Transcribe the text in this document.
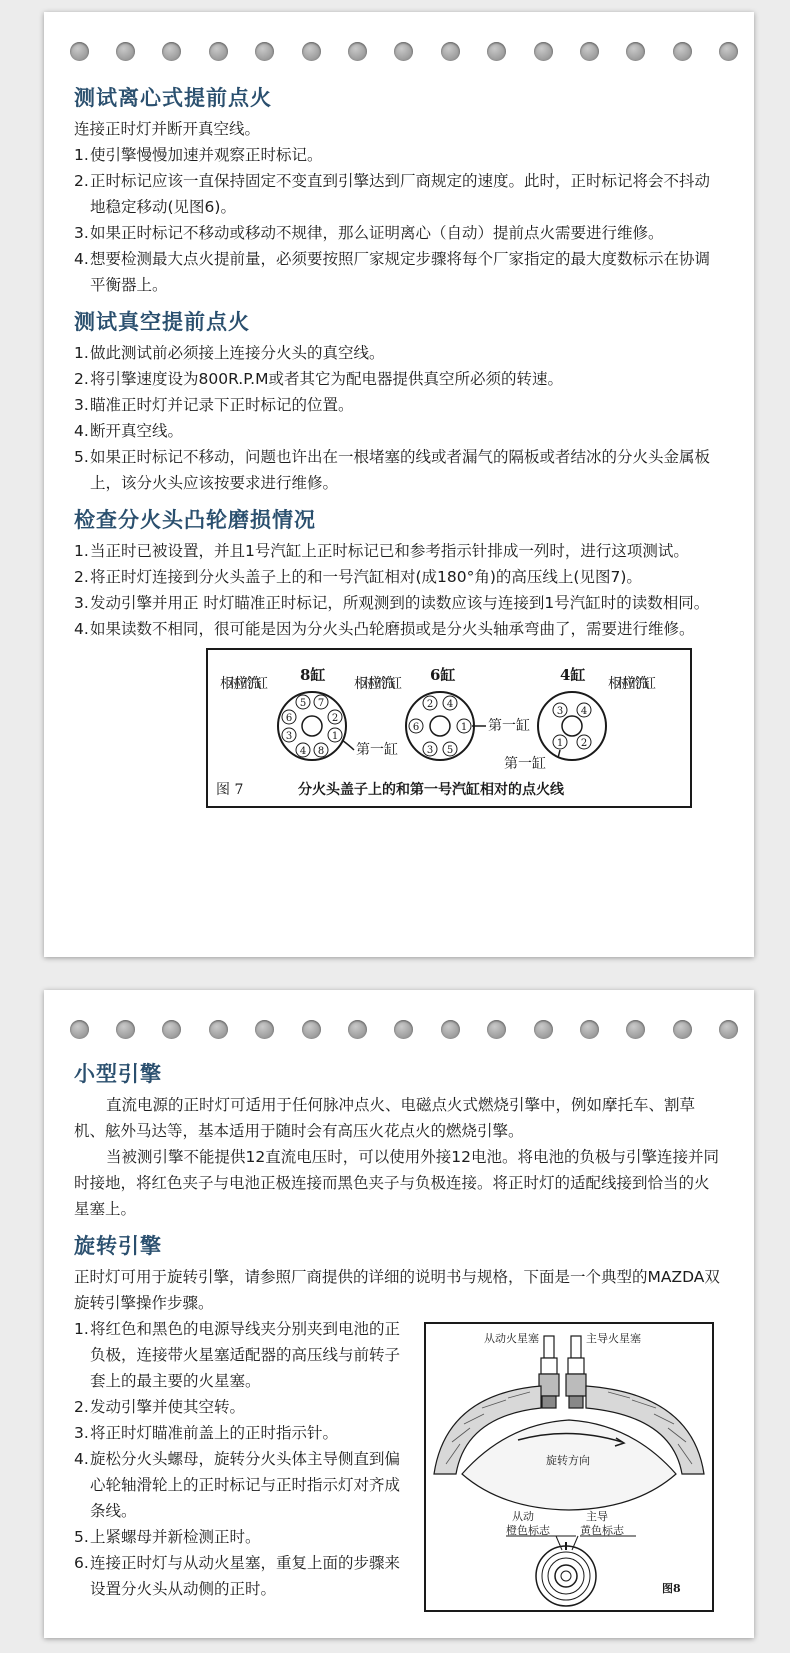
测试离心式提前点火

连接正时灯并断开真空线。

1. 使引擎慢慢加速并观察正时标记。
2. 正时标记应该一直保持固定不变直到引擎达到厂商规定的速度。此时，正时标记将会不抖动地稳定移动(见图6)。
3. 如果正时标记不移动或移动不规律，那么证明离心（自动）提前点火需要进行维修。
4. 想要检测最大点火提前量，必须要按照厂家规定步骤将每个厂家指定的最大度数标示在协调平衡器上。
测试真空提前点火
1. 做此测试前必须接上连接分火头的真空线。
2. 将引擎速度设为800R.P.M或者其它为配电器提供真空所必须的转速。
3. 瞄准正时灯并记录下正时标记的位置。
4. 断开真空线。
5. 如果正时标记不移动，问题也许出在一根堵塞的线或者漏气的隔板或者结冰的分火头金属板上，该分火头应该按要求进行维修。
检查分火头凸轮磨损情况
1. 当正时已被设置，并且1号汽缸上正时标记已和参考指示针排成一列时，进行这项测试。
2. 将正时灯连接到分火头盖子上的和一号汽缸相对(成180°角)的高压线上(见图7)。
3. 发动引擎并用正 时灯瞄准正时标记，所观测到的读数应该与连接到1号汽缸时的读数相同。
4. 如果读数不相同，很可能是因为分火头凸轮磨损或是分火头轴承弯曲了，需要进行维修。
相对应的汽缸 8缸
5 7
2
6
3
4 8
1
第一缸
相对应的汽缸 6缸
2 4
1
5
3
6	第一缸
相对应的汽缸
4缸
3 4
1 2
第一缸
图 7	分火头盖子上的和第一号汽缸相对的点火线
小型引擎

直流电源的正时灯可适用于任何脉冲点火、电磁点火式燃烧引擎中，例如摩托车、割草机、舷外马达等，基本适用于随时会有高压火花点火的燃烧引擎。

当被测引擎不能提供12直流电压时，可以使用外接12电池。将电池的负极与引擎连接并同时接地，将红色夹子与电池正极连接而黑色夹子与负极连接。将正时灯的适配线接到恰当的火星塞上。

旋转引擎

正时灯可用于旋转引擎，请参照厂商提供的详细的说明书与规格，下面是一个典型的MAZDA双旋转引擎操作步骤。

1. 将红色和黑色的电源导线夹分别夹到电池的正负极，连接带火星塞适配器的高压线与前转子套上的最主要的火星塞。
2. 发动引擎并使其空转。
3. 将正时灯瞄准前盖上的正时指示针。
4. 旋松分火头螺母，旋转分火头体主导侧直到偏心轮轴滑轮上的正时标记与正时指示灯对齐成条线。
5. 上紧螺母并新检测正时。
6. 连接正时灯与从动火星塞，重复上面的步骤来设置分火头从动侧的正时。
从动火星塞	主导火星塞
旋转方向
从动
橙色标志
主导
黄色标志
图8
